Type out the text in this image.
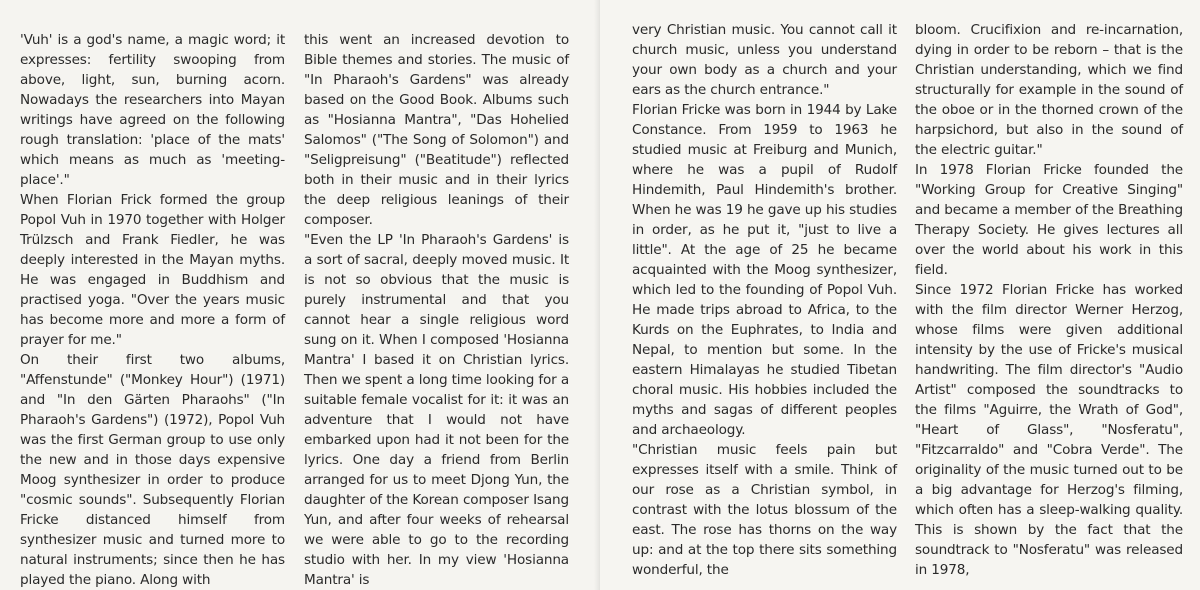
'Vuh' is a god's name, a magic word; it expresses: fertility swooping from above, light, sun, burning acorn. Nowadays the researchers into Mayan writings have agreed on the following rough translation: 'place of the mats' which means as much as 'meeting-place'."

When Florian Frick formed the group Popol Vuh in 1970 together with Holger Trülzsch and Frank Fiedler, he was deeply interested in the Mayan myths. He was engaged in Buddhism and practised yoga. "Over the years music has become more and more a form of prayer for me."

On their first two albums, "Affenstunde" ("Monkey Hour") (1971) and "In den Gärten Pharaohs" ("In Pharaoh's Gardens") (1972), Popol Vuh was the first German group to use only the new and in those days expensive Moog synthesizer in order to produce "cosmic sounds". Subsequently Florian Fricke distanced himself from synthesizer music and turned more to natural instruments; since then he has played the piano. Along with

this went an increased devotion to Bible themes and stories. The music of "In Pharaoh's Gardens" was already based on the Good Book. Albums such as "Hosianna Mantra", "Das Hohelied Salomos" ("The Song of Solomon") and "Seligpreisung" ("Beatitude") reflected both in their music and in their lyrics the deep religious leanings of their composer.

"Even the LP 'In Pharaoh's Gardens' is a sort of sacral, deeply moved music. It is not so obvious that the music is purely instrumental and that you cannot hear a single religious word sung on it. When I composed 'Hosianna Mantra' I based it on Christian lyrics. Then we spent a long time looking for a suitable female vocalist for it: it was an adventure that I would not have embarked upon had it not been for the lyrics. One day a friend from Berlin arranged for us to meet Djong Yun, the daughter of the Korean composer Isang Yun, and after four weeks of rehearsal we were able to go to the recording studio with her. In my view 'Hosianna Mantra' is

very Christian music. You cannot call it church music, unless you understand your own body as a church and your ears as the church entrance."

Florian Fricke was born in 1944 by Lake Constance. From 1959 to 1963 he studied music at Freiburg and Munich, where he was a pupil of Rudolf Hindemith, Paul Hindemith's brother. When he was 19 he gave up his studies in order, as he put it, "just to live a little". At the age of 25 he became acquainted with the Moog synthesizer, which led to the founding of Popol Vuh. He made trips abroad to Africa, to the Kurds on the Euphrates, to India and Nepal, to mention but some. In the eastern Himalayas he studied Tibetan choral music. His hobbies included the myths and sagas of different peoples and archaeology.

"Christian music feels pain but expresses itself with a smile. Think of our rose as a Christian symbol, in contrast with the lotus blossum of the east. The rose has thorns on the way up: and at the top there sits something wonderful, the

bloom. Crucifixion and re-incarnation, dying in order to be reborn – that is the Christian understanding, which we find structurally for example in the sound of the oboe or in the thorned crown of the harpsichord, but also in the sound of the electric guitar."

In 1978 Florian Fricke founded the "Working Group for Creative Singing" and became a member of the Breathing Therapy Society. He gives lectures all over the world about his work in this field.

Since 1972 Florian Fricke has worked with the film director Werner Herzog, whose films were given additional intensity by the use of Fricke's musical handwriting. The film director's "Audio Artist" composed the soundtracks to the films "Aguirre, the Wrath of God", "Heart of Glass", "Nosferatu", "Fitzcarraldo" and "Cobra Verde". The originality of the music turned out to be a big advantage for Herzog's filming, which often has a sleep-walking quality. This is shown by the fact that the soundtrack to "Nosferatu" was released in 1978,
